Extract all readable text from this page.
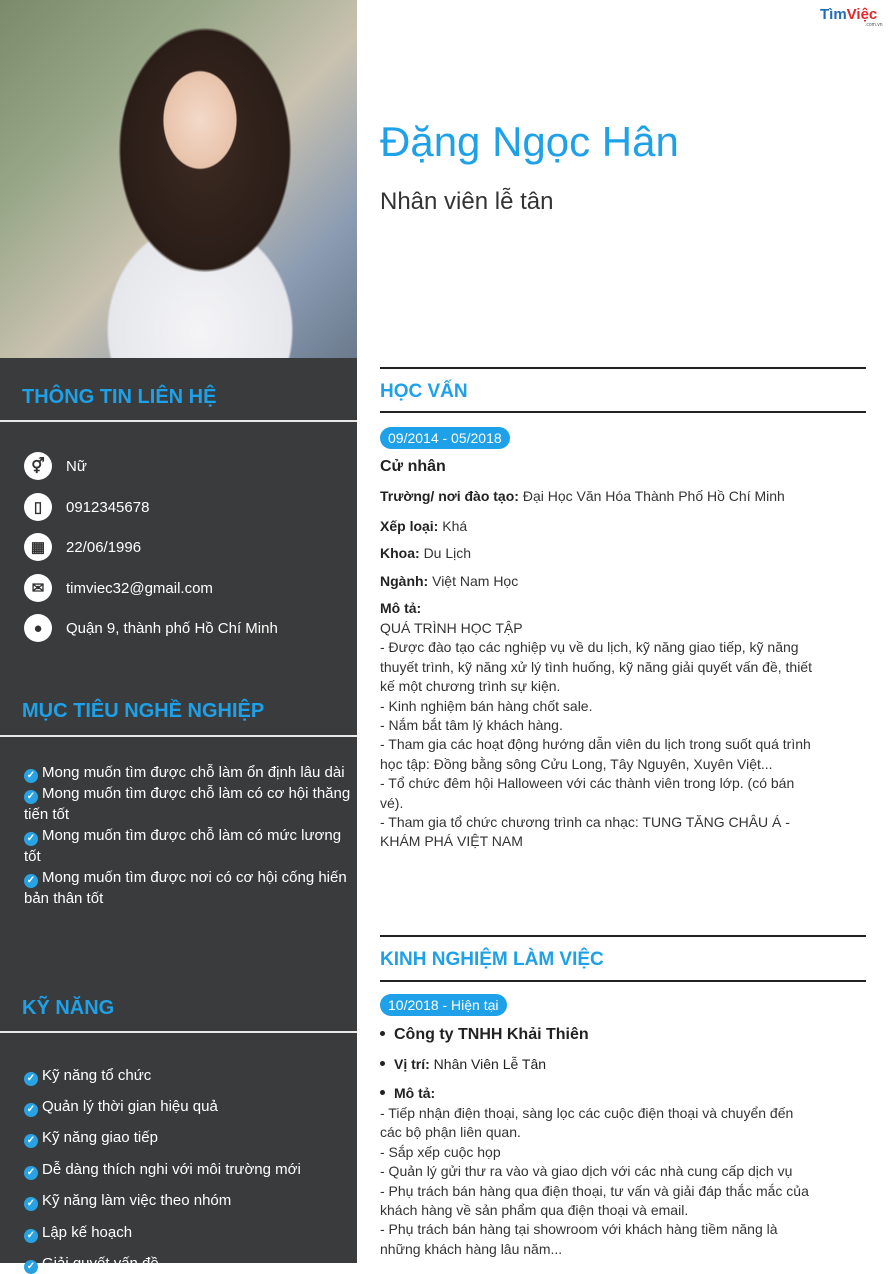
THÔNG TIN LIÊN HỆ
⚥	Nữ
▯	0912345678
▦	22/06/1996
✉	timviec32@gmail.com
●	Quận 9, thành phố Hồ Chí Minh
MỤC TIÊU NGHỀ NGHIỆP
✓ Mong muốn tìm được chỗ làm ổn định lâu dài
✓ Mong muốn tìm được chỗ làm có cơ hội thăng tiến tốt
✓ Mong muốn tìm được chỗ làm có mức lương tốt
✓ Mong muốn tìm được nơi có cơ hội cống hiến bản thân tốt
KỸ NĂNG
✓ Kỹ năng tổ chức
✓ Quản lý thời gian hiệu quả
✓ Kỹ năng giao tiếp
✓ Dễ dàng thích nghi với môi trường mới
✓ Kỹ năng làm việc theo nhóm
✓ Lập kế hoạch
✓ Giải quyết vấn đề
TìmViệc
.com.vn
Đặng Ngọc Hân
Nhân viên lễ tân
HỌC VẤN
09/2014 - 05/2018
Cử nhân
Trường/ nơi đào tạo: Đại Học Văn Hóa Thành Phố Hồ Chí Minh
Xếp loại: Khá
Khoa: Du Lịch
Ngành: Việt Nam Học
Mô tả:
QUÁ TRÌNH HỌC TẬP
- Được đào tạo các nghiệp vụ về du lịch, kỹ năng giao tiếp, kỹ năng
thuyết trình, kỹ năng xử lý tình huống, kỹ năng giải quyết vấn đề, thiết
kế một chương trình sự kiện.
- Kinh nghiệm bán hàng chốt sale.
- Nắm bắt tâm lý khách hàng.
- Tham gia các hoạt động hướng dẫn viên du lịch trong suốt quá trình
học tập: Đồng bằng sông Cửu Long, Tây Nguyên, Xuyên Việt...
- Tổ chức đêm hội Halloween với các thành viên trong lớp. (có bán
vé).
- Tham gia tổ chức chương trình ca nhạc: TUNG TĂNG CHÂU Á -
KHÁM PHÁ VIỆT NAM
KINH NGHIỆM LÀM VIỆC
10/2018 - Hiện tại
Công ty TNHH Khải Thiên
Vị trí: Nhân Viên Lễ Tân
Mô tả:
- Tiếp nhận điện thoại, sàng lọc các cuộc điện thoại và chuyển đến
các bộ phận liên quan.
- Sắp xếp cuộc họp
- Quản lý gửi thư ra vào và giao dịch với các nhà cung cấp dịch vụ
- Phụ trách bán hàng qua điện thoại, tư vấn và giải đáp thắc mắc của
khách hàng về sản phẩm qua điện thoại và email.
- Phụ trách bán hàng tại showroom với khách hàng tiềm năng là
những khách hàng lâu năm...
